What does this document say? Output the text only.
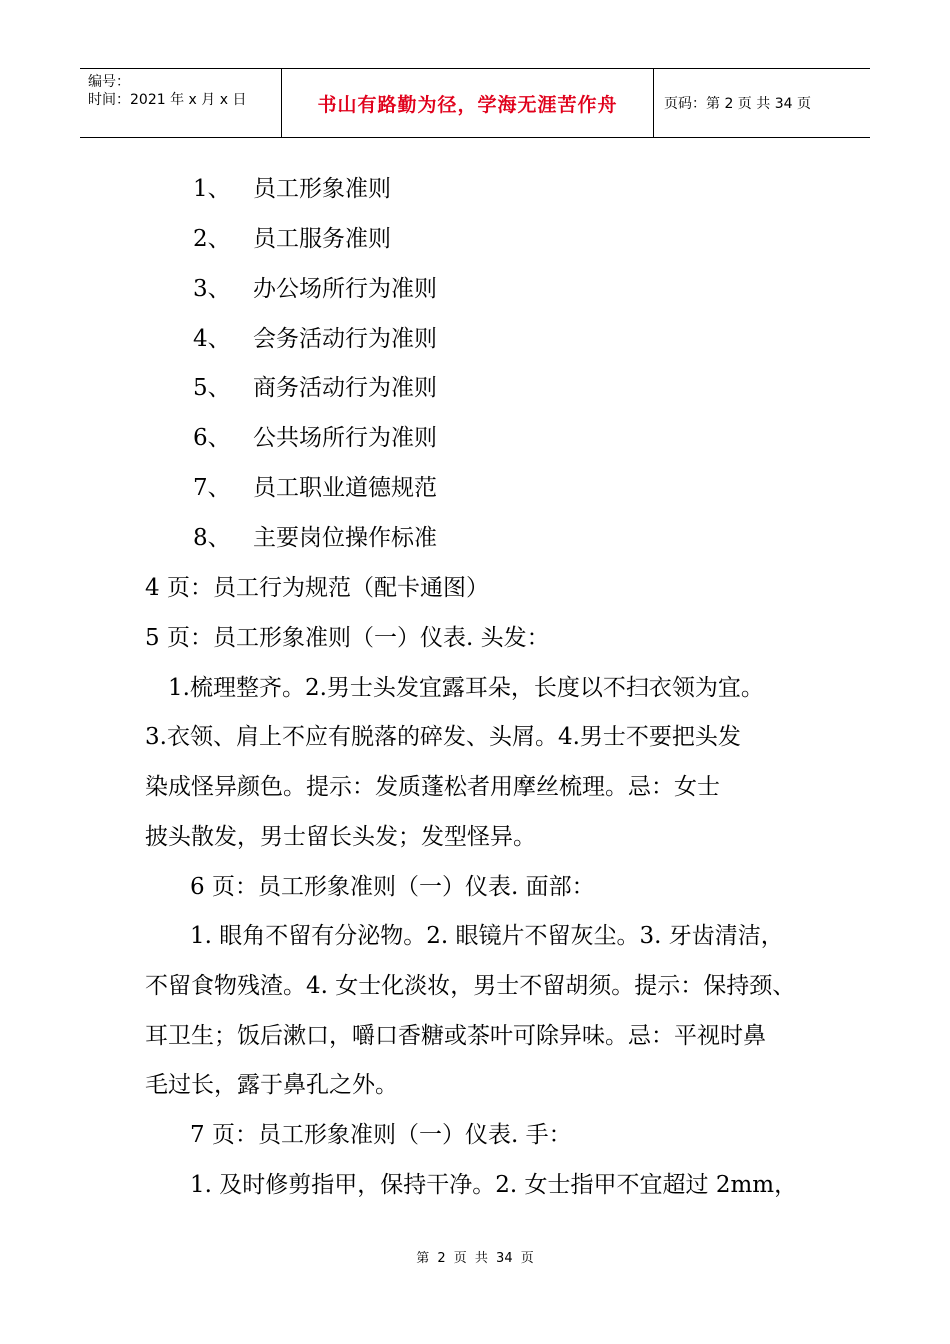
编号：
时间：2021 年 x 月 x 日	书山有路勤为径，学海无涯苦作舟	页码：第 2 页 共 34 页
1、 员工形象准则
2、 员工服务准则
3、 办公场所行为准则
4、 会务活动行为准则
5、 商务活动行为准则
6、 公共场所行为准则
7、 员工职业道德规范
8、 主要岗位操作标准
4 页：员工行为规范（配卡通图）
5 页：员工形象准则（一）仪表. 头发：
1.梳理整齐。2.男士头发宜露耳朵，长度以不扫衣领为宜。
3.衣领、肩上不应有脱落的碎发、头屑。4.男士不要把头发
染成怪异颜色。提示：发质蓬松者用摩丝梳理。忌：女士
披头散发，男士留长头发；发型怪异。
6 页：员工形象准则（一）仪表. 面部：
1. 眼角不留有分泌物。2. 眼镜片不留灰尘。3. 牙齿清洁，
不留食物残渣。4. 女士化淡妆，男士不留胡须。提示：保持颈、
耳卫生；饭后漱口，嚼口香糖或茶叶可除异味。忌：平视时鼻
毛过长，露于鼻孔之外。
7 页：员工形象准则（一）仪表. 手：
1. 及时修剪指甲，保持干净。2. 女士指甲不宜超过 2mm，
第 2 页 共 34 页
